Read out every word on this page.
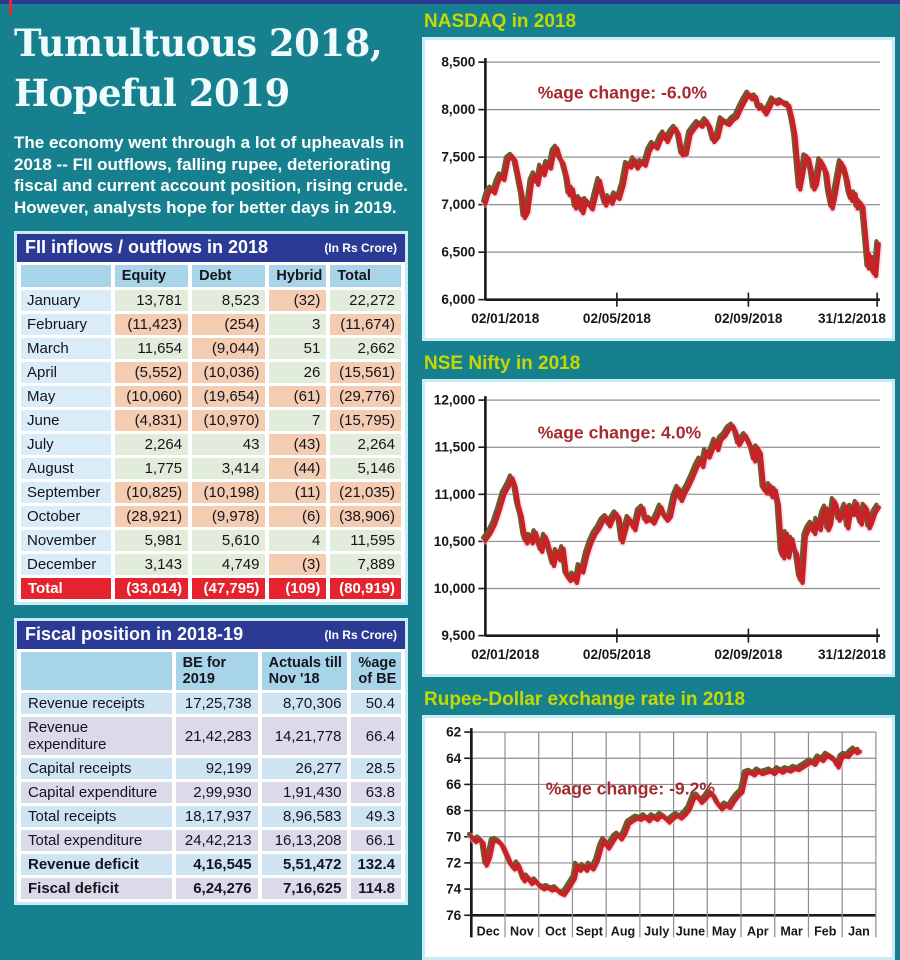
Tumultuous 2018,
Hopeful 2019

The economy went through a lot of upheavals in 2018 -- FII outflows, falling rupee, deteriorating fiscal and current account position, rising crude. However, analysts hope for better days in 2019.

FII inflows / outflows in 2018	(In Rs Crore)
	Equity	Debt	Hybrid	Total
January	13,781	8,523	(32)	22,272
February	(11,423)	(254)	3	(11,674)
March	11,654	(9,044)	51	2,662
April	(5,552)	(10,036)	26	(15,561)
May	(10,060)	(19,654)	(61)	(29,776)
June	(4,831)	(10,970)	7	(15,795)
July	2,264	43	(43)	2,264
August	1,775	3,414	(44)	5,146
September	(10,825)	(10,198)	(11)	(21,035)
October	(28,921)	(9,978)	(6)	(38,906)
November	5,981	5,610	4	11,595
December	3,143	4,749	(3)	7,889
Total	(33,014)	(47,795)	(109)	(80,919)
Fiscal position in 2018-19	(In Rs Crore)
	BE for 2019	Actuals till Nov '18	%age of BE
Revenue receipts	17,25,738	8,70,306	50.4
Revenue expenditure	21,42,283	14,21,778	66.4
Capital receipts	92,199	26,277	28.5
Capital expenditure	2,99,930	1,91,430	63.8
Total receipts	18,17,937	8,96,583	49.3
Total expenditure	24,42,213	16,13,208	66.1
Revenue deficit	4,16,545	5,51,472	132.4
Fiscal deficit	6,24,276	7,16,625	114.8
NASDAQ in 2018
8,500
8,000
7,500
7,000
6,500
6,000
02/01/2018	02/05/2018	02/09/2018	31/12/2018
%age change: -6.0%
NSE Nifty in 2018
12,000
11,500
11,000
10,500
10,000
9,500
02/01/2018	02/05/2018	02/09/2018	31/12/2018
%age change: 4.0%
Rupee-Dollar exchange rate in 2018
62
64
66
68
70
72
74
76
Dec Nov Oct Sept Aug July June May Apr Mar Feb Jan
%age change: -9.2%
